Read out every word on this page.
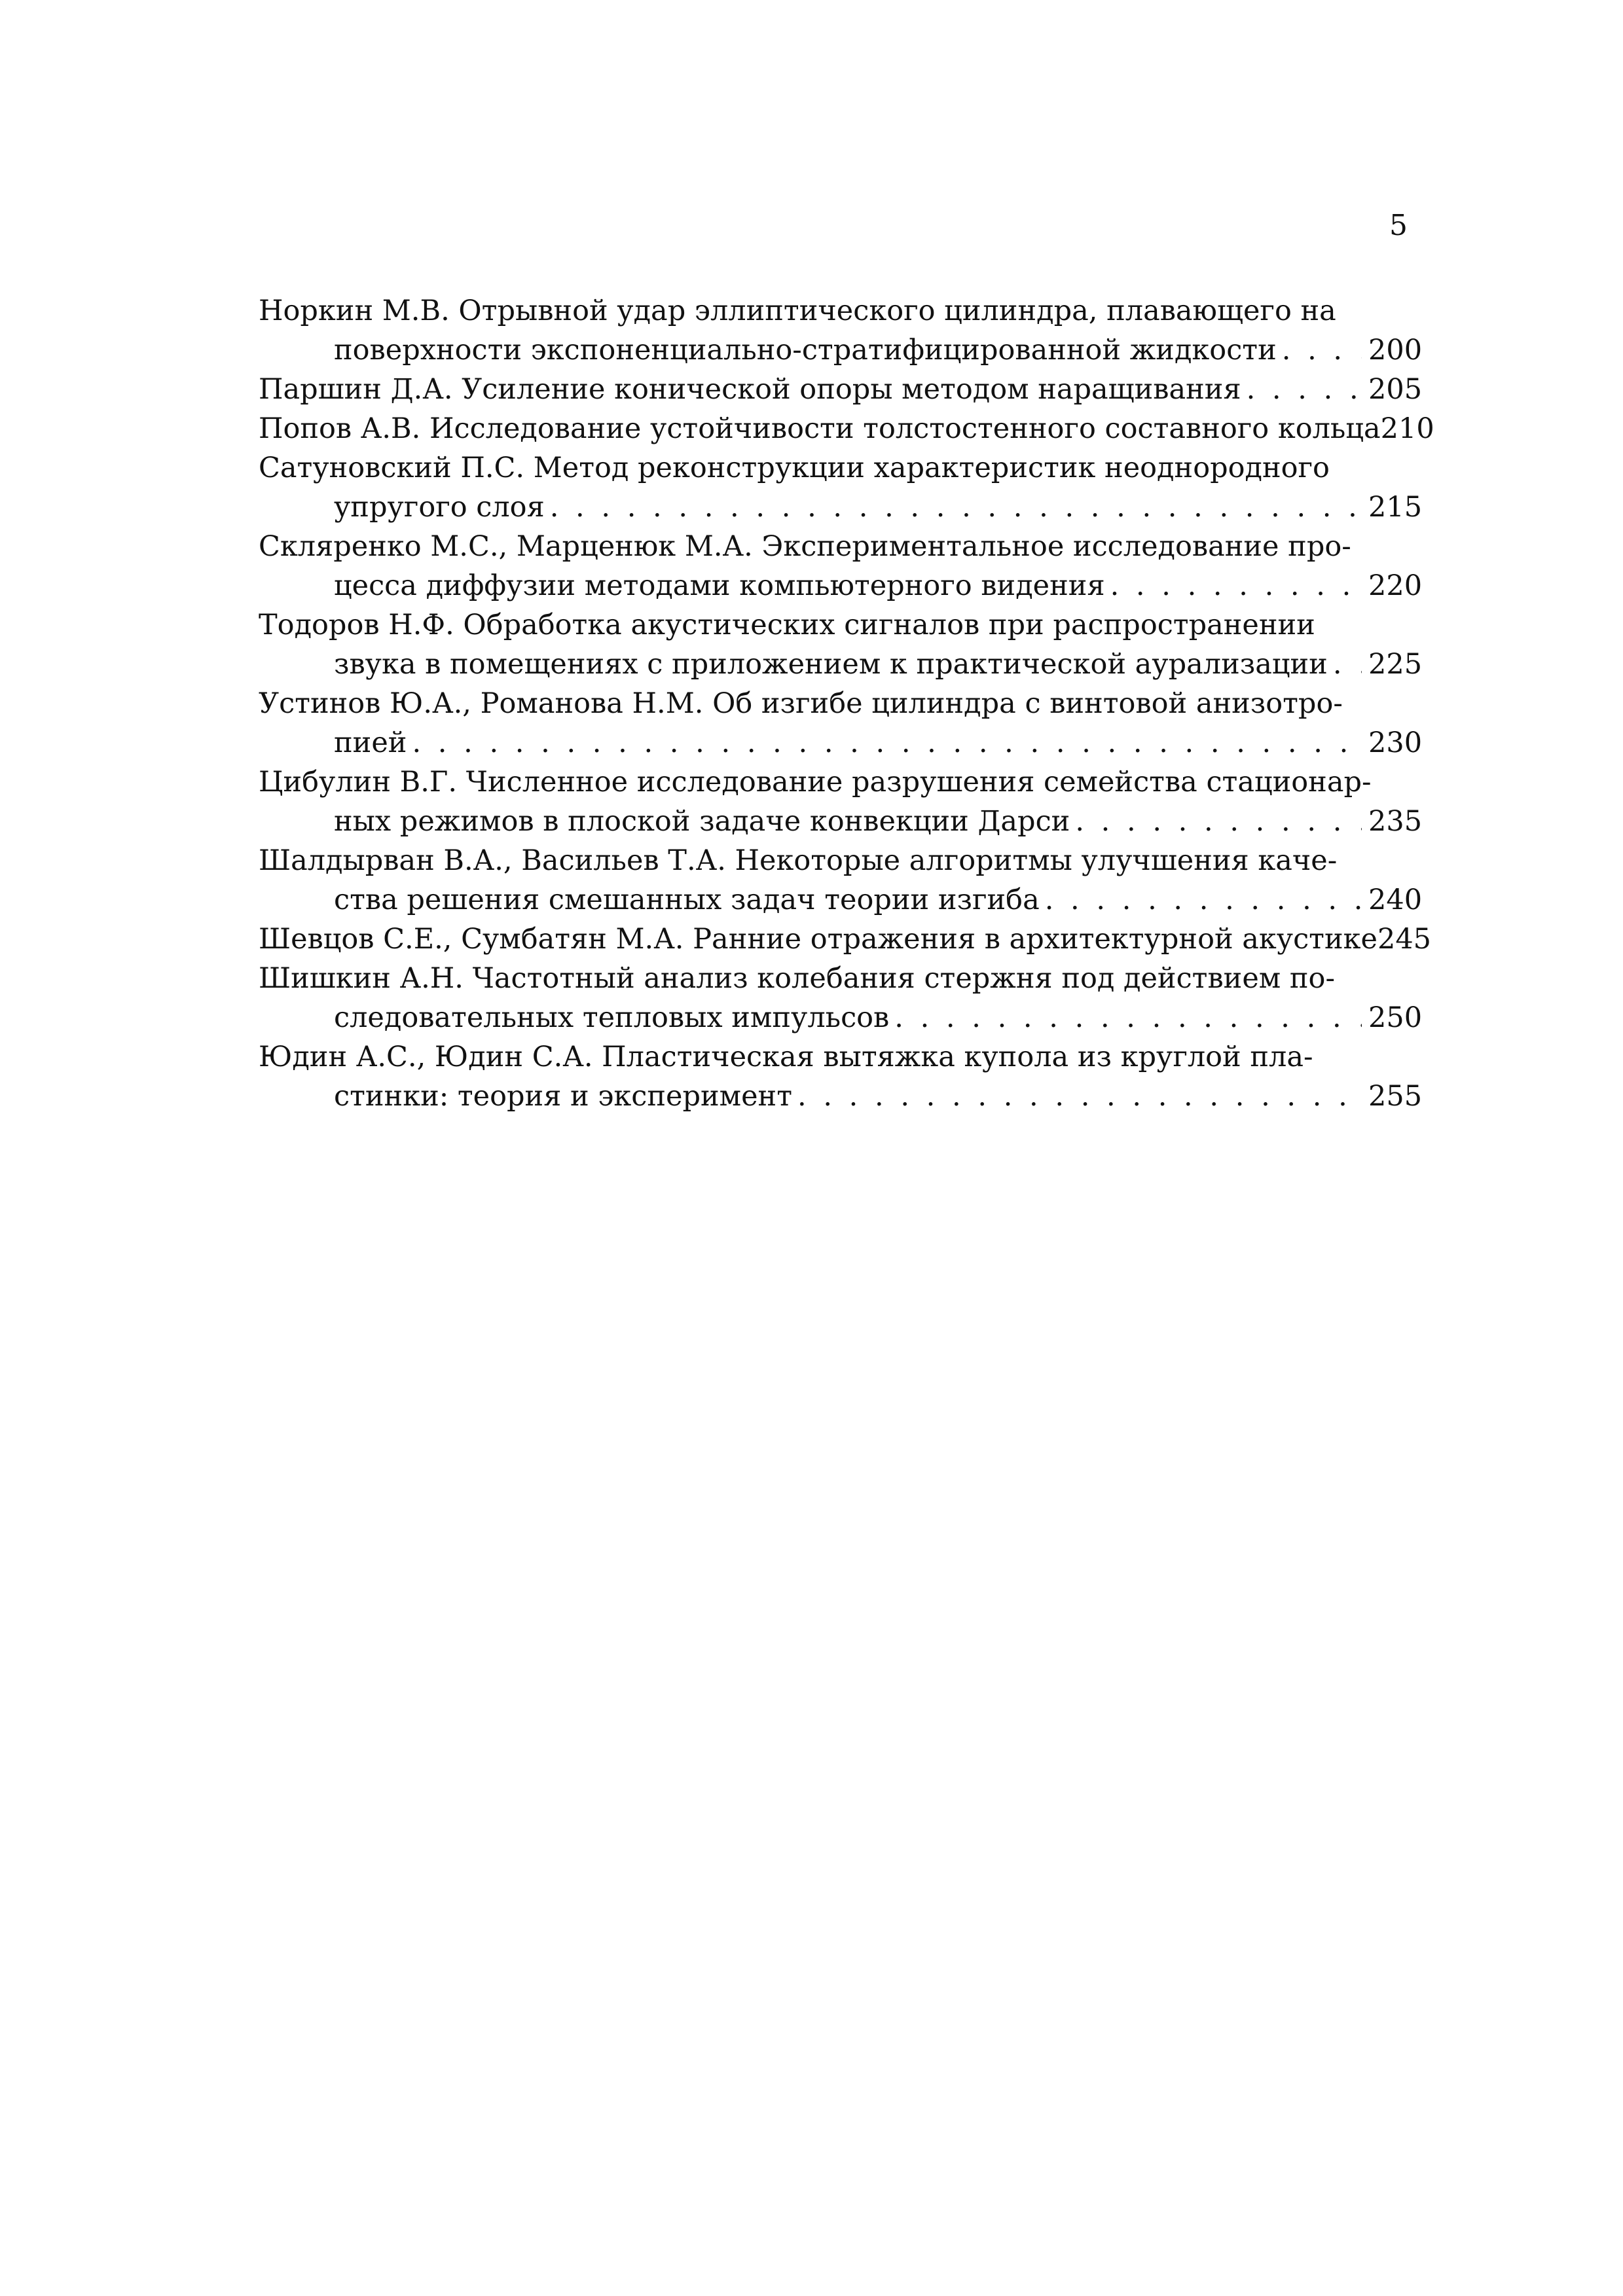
5
Норкин М.В. Отрывной удар эллиптического цилиндра, плавающего на
поверхности экспоненциально-стратифицированной жидкости . . .	200
Паршин Д.А. Усиление конической опоры методом наращивания . . .	205
Попов А.В. Исследование устойчивости толстостенного составного кольца 210
Сатуновский П.С. Метод реконструкции характеристик неоднородного
упругого слоя . . .	215
Скляренко М.С., Марценюк М.А. Экспериментальное исследование про-
цесса диффузии методами компьютерного видения . . .	220
Тодоров Н.Ф. Обработка акустических сигналов при распространении
звука в помещениях с приложением к практической аурализации . . . 225
Устинов Ю.А., Романова Н.М. Об изгибе цилиндра с винтовой анизотро-
пией . . .	230
Цибулин В.Г. Численное исследование разрушения семейства стационар-
ных режимов в плоской задаче конвекции Дарси . . .	235
Шалдырван В.А., Васильев Т.А. Некоторые алгоритмы улучшения каче-
ства решения смешанных задач теории изгиба . . .	240
Шевцов С.Е., Сумбатян М.А. Ранние отражения в архитектурной акустике 245
Шишкин А.Н. Частотный анализ колебания стержня под действием по-
следовательных тепловых импульсов . . .	250
Юдин А.С., Юдин С.А. Пластическая вытяжка купола из круглой пла-
стинки: теория и эксперимент . . .	255
